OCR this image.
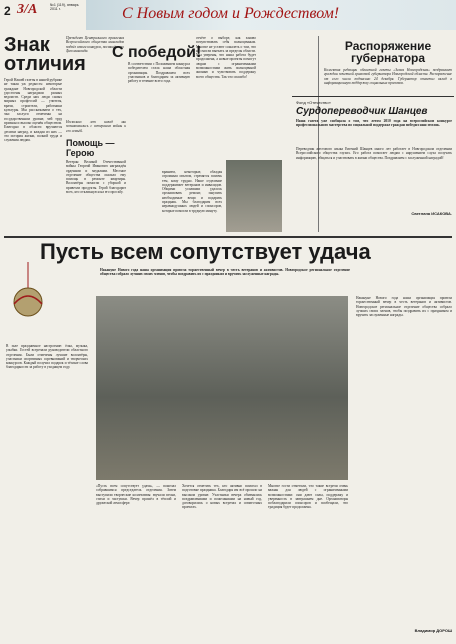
2 З/А	№1 (119), январь 2011 г.	С Новым годом и Рождеством!
Знак отличия
Герой Нашей газеты в нашей рубрике не такая уж редкость: некоторые граждане Новгородской области удостоены наградами разных ведомств. Среди них люди самых мирных профессий — учителя, врачи, строители, работники культуры. Мы рассказываем о тех, чьи заслуги отмечены на государственном уровне, чей труд признан и высоко оценён обществом. Ежегодно в области вручаются десятки наград, и каждая из них — это история жизни, полной труда и служения людям.
Президент Центрального правления Всероссийского общества инвалидов подвёл итоги конкурса, посвящённого Дню инвалида.	С победой!
В соответствии с Положением конкурса победителем стала наша областная организация. Поздравляем всех участников и благодарим за активную работу в течение всего года.
отчёте о выборе, как заново почувствовать себя полноценным. Многие не устают сожалеть о том, что не смогли выехать за пределы области. Мы уверены, что наша работа будет продолжена, а новые проекты помогут людям с ограниченными возможностями жить полноценной жизнью и чувствовать поддержку всего общества. Так что спасибо!
Распоряжение губернатора
Коллектив редакции областной газеты «Земля Новгородская» поздравляет граждан почетной грамотой губернатора Новгородской области. Распоряжение от сего числа подписано 24 декабря. Губернатор отметил вклад в информационную поддержку социальных проектов.
Несколько лет назад мы познакомились с ветераном войны и его семьёй.
Помощь — Герою
Ветеран Великой Отечественной войны Георгий Иванович награждён орденами и медалями. Местное отделение общества оказало ему помощь в ремонте квартиры. Волонтёры помогли с уборкой и привезли продукты. Герой благодарит всех, кто откликнулся на его просьбу.
вранием, некоторые, обладая огромным опытом, стремятся помочь тем, кому трудно. Наше отделение поддерживает ветеранов и инвалидов. Общими усилиями удалось организовать ремонт, закупить необходимые вещи и подарить праздник. Мы благодарим всех неравнодушных людей и спонсоров, которые помогли в трудную минуту.
Фонд «Отечество»
Сурдопереводчик Шанцев
Наша газета уже сообщала о том, что летом 2010 года на всероссийском конкурсе профессионального мастерства по социальной поддержке граждан победил наш земляк.
Переводчик жестового языка Евгений Шанцев много лет работает в Новгородском отделении Всероссийского общества глухих. Его работа помогает людям с нарушением слуха получать информацию, общаться и участвовать в жизни общества. Поздравляем с заслуженной наградой!
Светлана ИСАКОВА.
Пусть всем сопутствует удача
Накануне Нового года наша организация провела торжественный вечер в честь ветеранов и активистов. Новгородское региональное отделение общества собрало лучших своих членов, чтобы поздравить их с праздником и вручить заслуженные награды.
В зале праздничное настроение: ёлка, музыка, улыбки. Гостей встречали руководители областного отделения. Были отмечены лучшие волонтёры, участники спортивных соревнований и творческих конкурсов. Каждый получил подарок и тёплые слова благодарности за работу в уходящем году.
«Пусть всем сопутствует удача», — пожелал собравшимся председатель отделения. Затем выступили творческие коллективы: звучали песни, стихи и частушки. Вечер прошёл в тёплой и дружеской атмосфере.
Хочется отметить тех, кто активно помогал в подготовке праздника. Благодаря им всё прошло на высоком уровне. Участники вечера обменялись поздравлениями и пожеланиями на новый год, договорились о новых встречах и совместных проектах.
Многие гости отметили, что такие встречи очень важны для людей с ограниченными возможностями: они дают силы, поддержку и уверенность в завтрашнем дне. Организаторы поблагодарили спонсоров и пообещали, что традиция будет продолжена.
Накануне Нового года наша организация провела торжественный вечер в честь ветеранов и активистов. Новгородское региональное отделение общества собрало лучших своих членов, чтобы поздравить их с праздником и вручить заслуженные награды.
Владимир ДОРОШ
